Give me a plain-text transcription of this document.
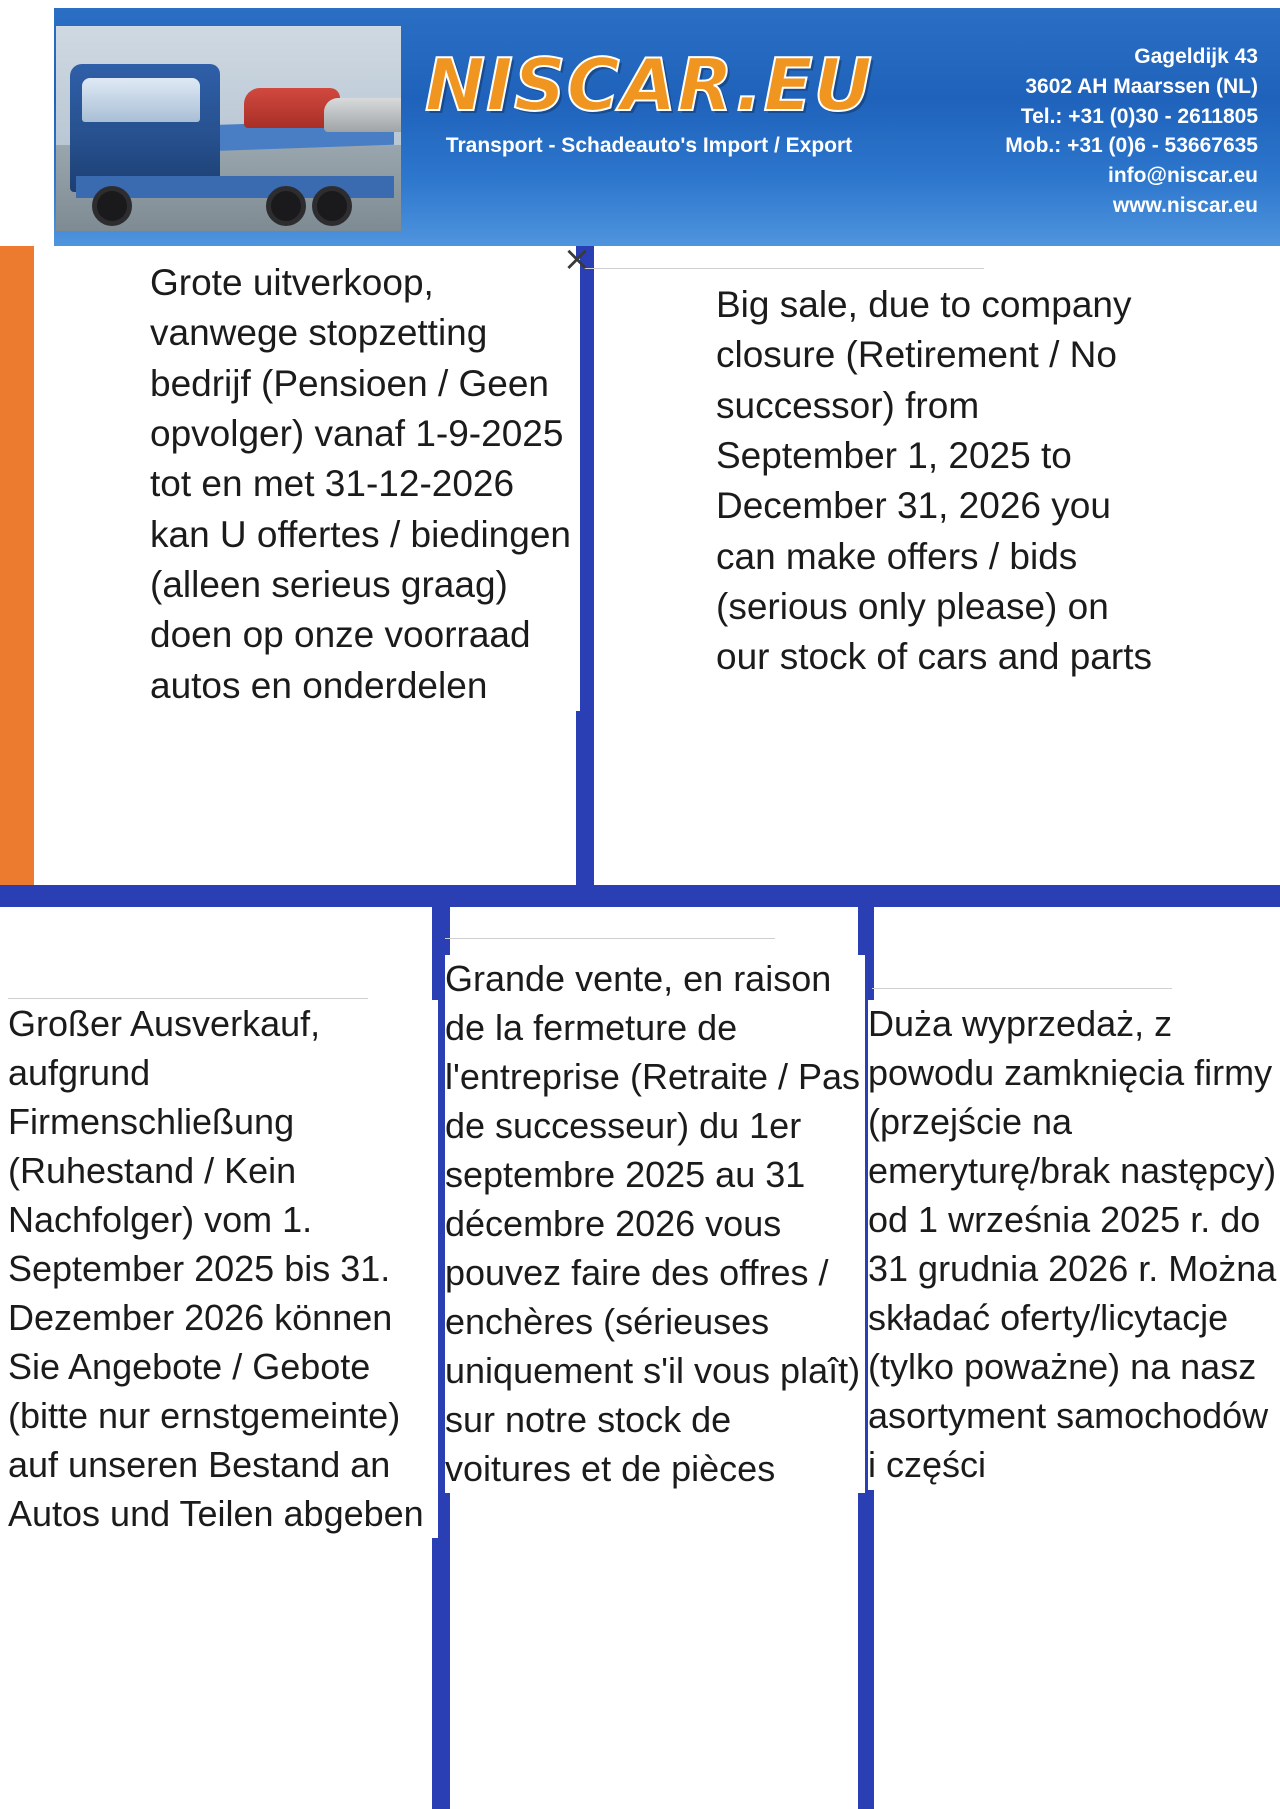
NISCAR.EU
Transport - Schadeauto's Import / Export
Gageldijk 43
3602 AH Maarssen (NL)
Tel.: +31 (0)30 - 2611805
Mob.: +31 (0)6 - 53667635
info@niscar.eu
www.niscar.eu
Grote uitverkoop, vanwege stopzetting bedrijf (Pensioen / Geen opvolger) vanaf 1-9-2025 tot en met 31-12-2026 kan U offertes / biedingen (alleen serieus graag) doen op onze voorraad autos en onderdelen
×
Big sale, due to company closure (Retirement / No successor) from September 1, 2025 to December 31, 2026 you can make offers / bids (serious only please) on our stock of cars and parts
Großer Ausverkauf, aufgrund Firmenschließung (Ruhestand / Kein Nachfolger) vom 1. September 2025 bis 31. Dezember 2026 können Sie Angebote / Gebote (bitte nur ernstgemeinte) auf unseren Bestand an Autos und Teilen abgeben
Grande vente, en raison de la fermeture de l'entreprise (Retraite / Pas de successeur) du 1er septembre 2025 au 31 décembre 2026 vous pouvez faire des offres / enchères (sérieuses uniquement s'il vous plaît) sur notre stock de voitures et de pièces
Duża wyprzedaż, z powodu zamknięcia firmy (przejście na emeryturę/brak następcy) od 1 września 2025 r. do 31 grudnia 2026 r. Można składać oferty/licytacje (tylko poważne) na nasz asortyment samochodów i części
